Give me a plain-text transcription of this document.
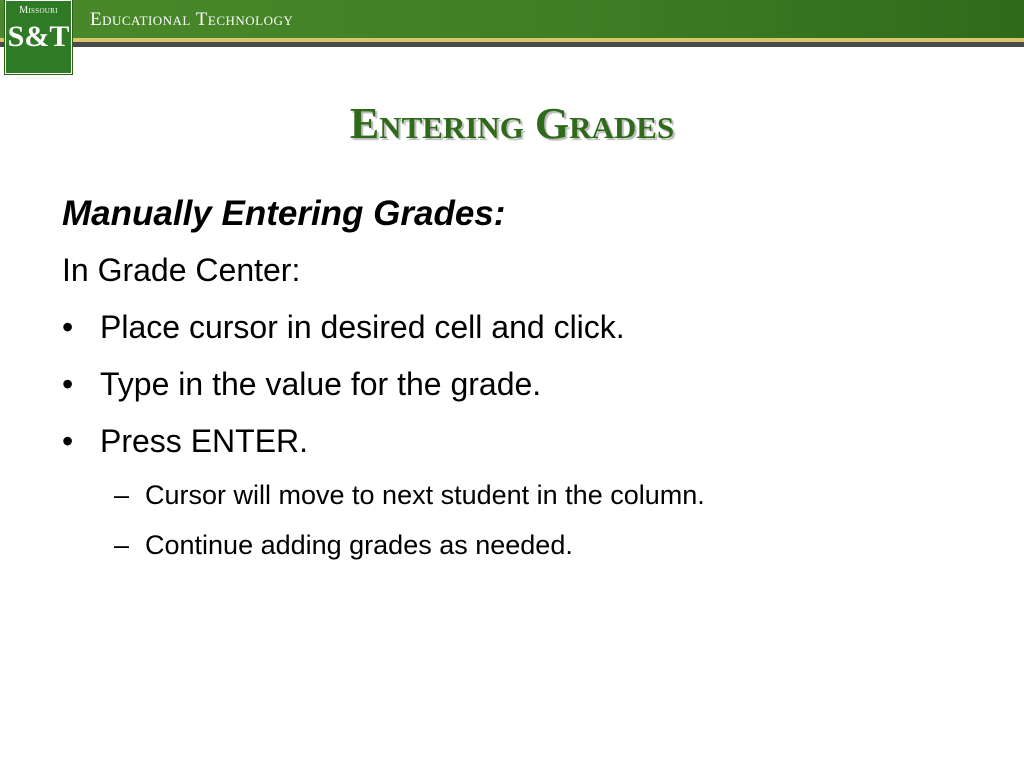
Educational Technology
Missouri
S&T
Entering Grades
Manually Entering Grades:
In Grade Center:
• Place cursor in desired cell and click.
• Type in the value for the grade.
• Press ENTER.
– Cursor will move to next student in the column.
– Continue adding grades as needed.
